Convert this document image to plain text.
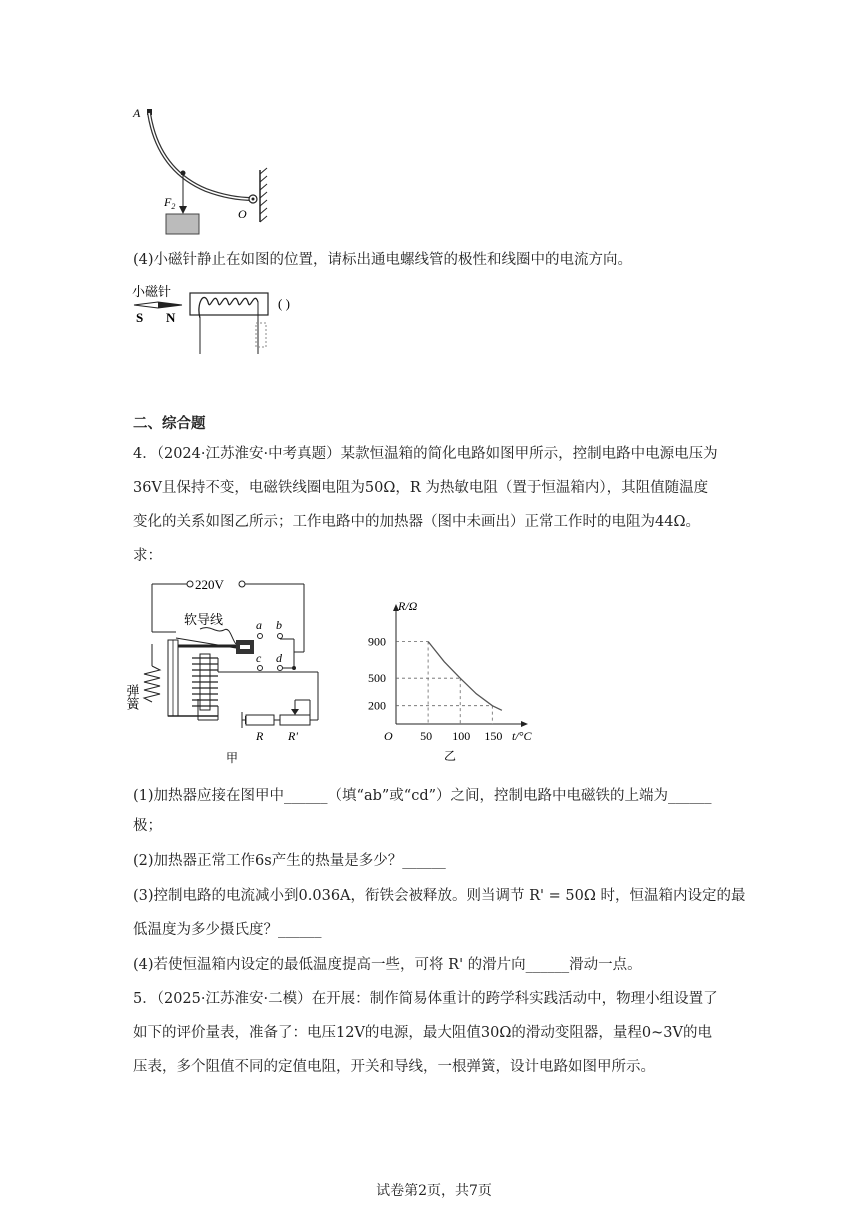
A
$F_2$
O
(4)小磁针静止在如图的位置，请标出通电螺线管的极性和线圈中的电流方向。
小磁针
S N
( )
二、综合题
4．（2024·江苏淮安·中考真题）某款恒温箱的简化电路如图甲所示，控制电路中电源电压为
36V且保持不变，电磁铁线圈电阻为50Ω，R 为热敏电阻（置于恒温箱内），其阻值随温度
变化的关系如图乙所示；工作电路中的加热器（图中未画出）正常工作时的电阻为44Ω。
求：
220V
软导线	a b
c d
弹簧
R R'
甲
R/Ω
t/°C
O 50 100 150
200
500
900
乙
(1)加热器应接在图甲中______（填“ab”或“cd”）之间，控制电路中电磁铁的上端为______
极；
(2)加热器正常工作6s产生的热量是多少？______
(3)控制电路的电流减小到0.036A，衔铁会被释放。则当调节 R' = 50Ω 时，恒温箱内设定的最
低温度为多少摄氏度？______
(4)若使恒温箱内设定的最低温度提高一些，可将 R' 的滑片向______滑动一点。
5．（2025·江苏淮安·二模）在开展：制作简易体重计的跨学科实践活动中，物理小组设置了
如下的评价量表，准备了：电压12V的电源，最大阻值30Ω的滑动变阻器，量程0~3V的电
压表，多个阻值不同的定值电阻，开关和导线，一根弹簧，设计电路如图甲所示。
试卷第2页，共7页
